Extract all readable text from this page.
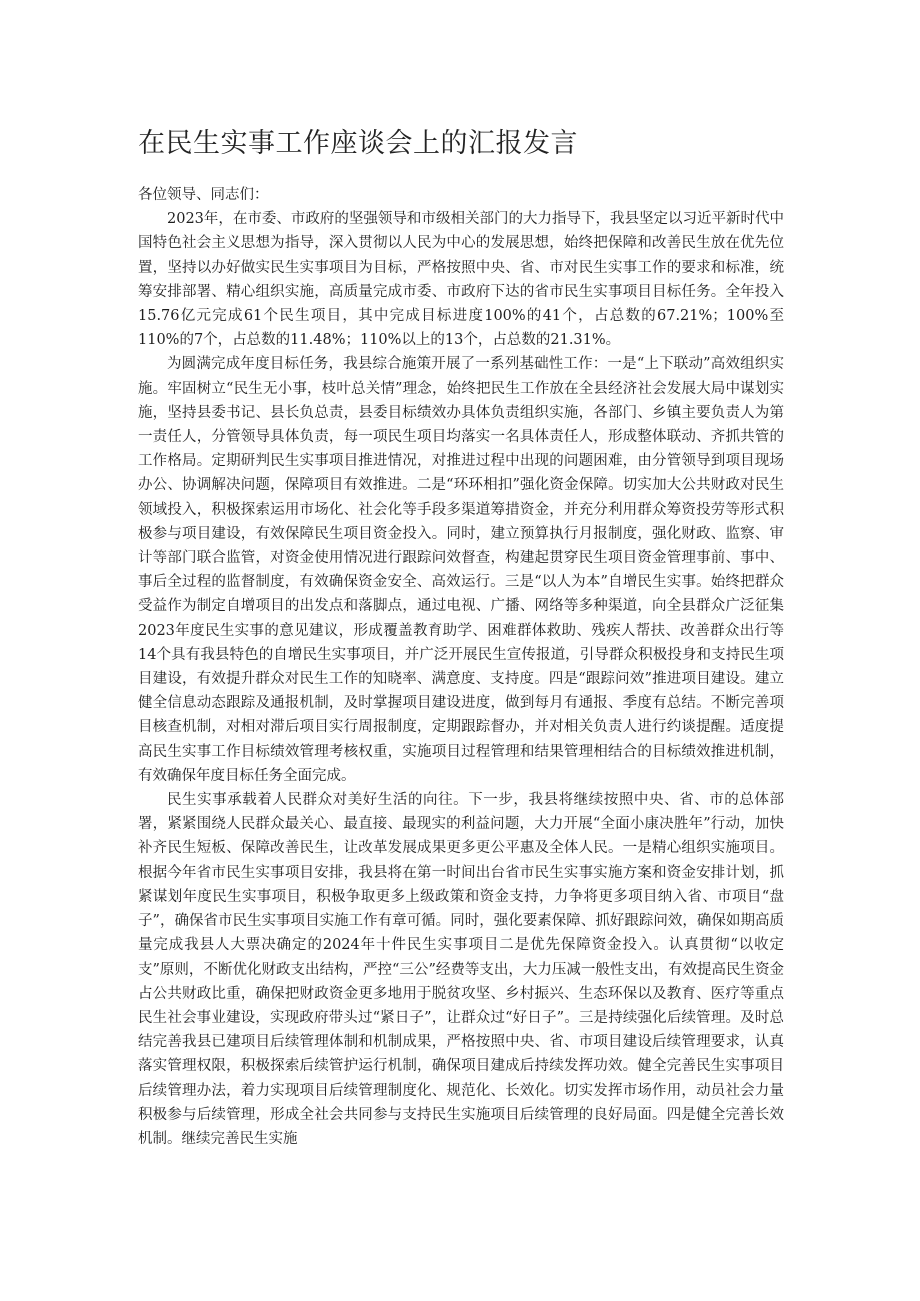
在民生实事工作座谈会上的汇报发言

各位领导、同志们：

2023年，在市委、市政府的坚强领导和市级相关部门的大力指导下，我县坚定以习近平新时代中国特色社会主义思想为指导，深入贯彻以人民为中心的发展思想，始终把保障和改善民生放在优先位置，坚持以办好做实民生实事项目为目标，严格按照中央、省、市对民生实事工作的要求和标准，统筹安排部署、精心组织实施，高质量完成市委、市政府下达的省市民生实事项目目标任务。全年投入15.76亿元完成61个民生项目，其中完成目标进度100%的41个，占总数的67.21%；100%至110%的7个，占总数的11.48%；110%以上的13个，占总数的21.31%。

为圆满完成年度目标任务，我县综合施策开展了一系列基础性工作：一是“上下联动”高效组织实施。牢固树立“民生无小事，枝叶总关情”理念，始终把民生工作放在全县经济社会发展大局中谋划实施，坚持县委书记、县长负总责，县委目标绩效办具体负责组织实施，各部门、乡镇主要负责人为第一责任人，分管领导具体负责，每一项民生项目均落实一名具体责任人，形成整体联动、齐抓共管的工作格局。定期研判民生实事项目推进情况，对推进过程中出现的问题困难，由分管领导到项目现场办公、协调解决问题，保障项目有效推进。二是“环环相扣”强化资金保障。切实加大公共财政对民生领域投入，积极探索运用市场化、社会化等手段多渠道筹措资金，并充分利用群众筹资投劳等形式积极参与项目建设，有效保障民生项目资金投入。同时，建立预算执行月报制度，强化财政、监察、审计等部门联合监管，对资金使用情况进行跟踪问效督查，构建起贯穿民生项目资金管理事前、事中、事后全过程的监督制度，有效确保资金安全、高效运行。三是“以人为本”自增民生实事。始终把群众受益作为制定自增项目的出发点和落脚点，通过电视、广播、网络等多种渠道，向全县群众广泛征集2023年度民生实事的意见建议，形成覆盖教育助学、困难群体救助、残疾人帮扶、改善群众出行等14个具有我县特色的自增民生实事项目，并广泛开展民生宣传报道，引导群众积极投身和支持民生项目建设，有效提升群众对民生工作的知晓率、满意度、支持度。四是“跟踪问效”推进项目建设。建立健全信息动态跟踪及通报机制，及时掌握项目建设进度，做到每月有通报、季度有总结。不断完善项目核查机制，对相对滞后项目实行周报制度，定期跟踪督办，并对相关负责人进行约谈提醒。适度提高民生实事工作目标绩效管理考核权重，实施项目过程管理和结果管理相结合的目标绩效推进机制，有效确保年度目标任务全面完成。

民生实事承载着人民群众对美好生活的向往。下一步，我县将继续按照中央、省、市的总体部署，紧紧围绕人民群众最关心、最直接、最现实的利益问题，大力开展“全面小康决胜年”行动，加快补齐民生短板、保障改善民生，让改革发展成果更多更公平惠及全体人民。一是精心组织实施项目。根据今年省市民生实事项目安排，我县将在第一时间出台省市民生实事实施方案和资金安排计划，抓紧谋划年度民生实事项目，积极争取更多上级政策和资金支持，力争将更多项目纳入省、市项目“盘子”，确保省市民生实事项目实施工作有章可循。同时，强化要素保障、抓好跟踪问效，确保如期高质量完成我县人大票决确定的2024年十件民生实事项目二是优先保障资金投入。认真贯彻“以收定支”原则，不断优化财政支出结构，严控“三公”经费等支出，大力压减一般性支出，有效提高民生资金占公共财政比重，确保把财政资金更多地用于脱贫攻坚、乡村振兴、生态环保以及教育、医疗等重点民生社会事业建设，实现政府带头过“紧日子”，让群众过“好日子”。三是持续强化后续管理。及时总结完善我县已建项目后续管理体制和机制成果，严格按照中央、省、市项目建设后续管理要求，认真落实管理权限，积极探索后续管护运行机制，确保项目建成后持续发挥功效。健全完善民生实事项目后续管理办法，着力实现项目后续管理制度化、规范化、长效化。切实发挥市场作用，动员社会力量积极参与后续管理，形成全社会共同参与支持民生实施项目后续管理的良好局面。四是健全完善长效机制。继续完善民生实施
